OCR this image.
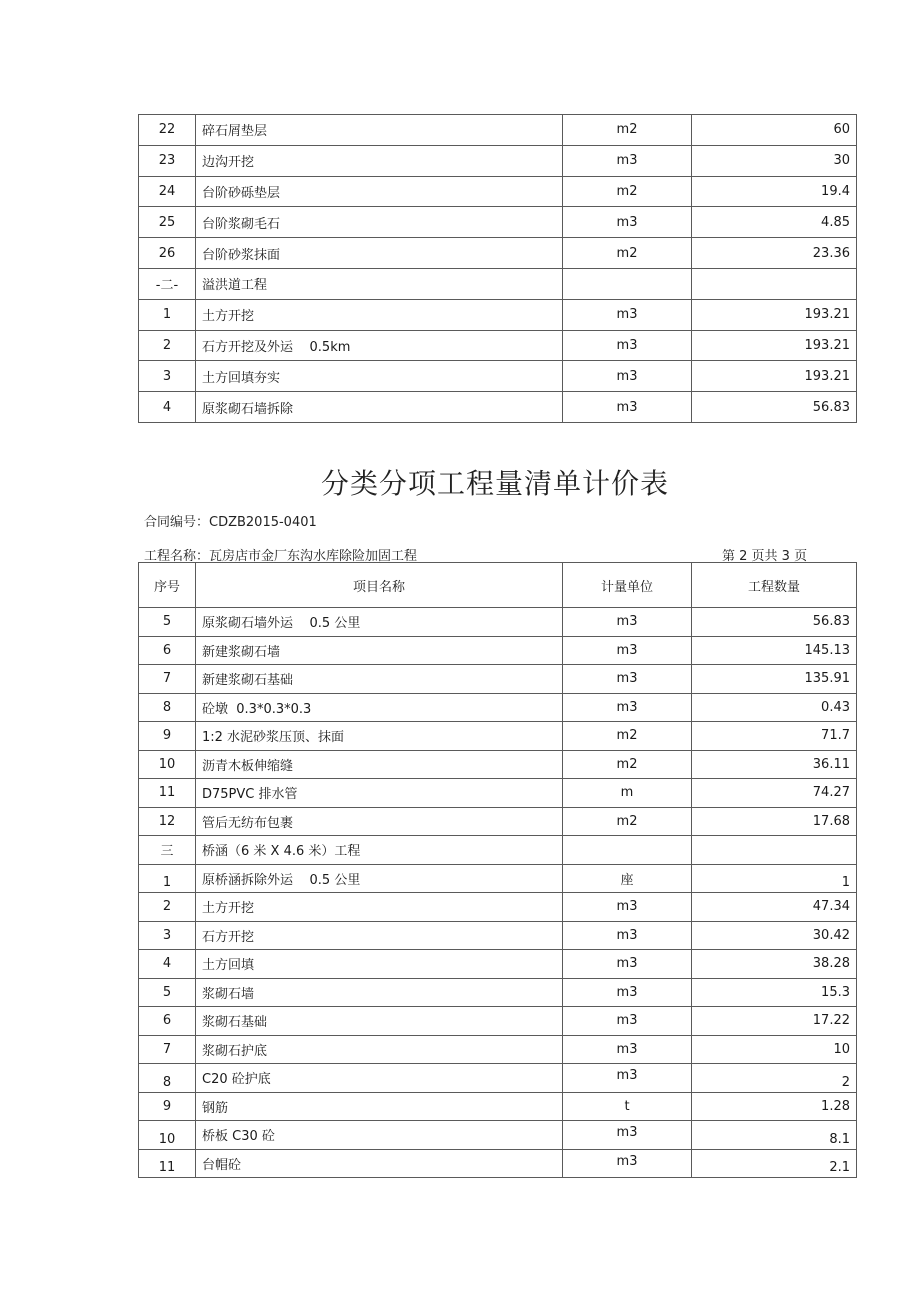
22	碎石屑垫层	m2	60
23	边沟开挖	m3	30
24	台阶砂砾垫层	m2	19.4
25	台阶浆砌毛石	m3	4.85
26	台阶砂浆抹面	m2	23.36
-二-	溢洪道工程		
1	土方开挖	m3	193.21
2	石方开挖及外运    0.5km	m3	193.21
3	土方回填夯实	m3	193.21
4	原浆砌石墙拆除	m3	56.83
分类分项工程量清单计价表
合同编号：CDZB2015-0401
工程名称：瓦房店市金厂东沟水库除险加固工程	第 2 页共 3 页
序号	项目名称	计量单位	工程数量
5	原浆砌石墙外运    0.5 公里	m3	56.83
6	新建浆砌石墙	m3	145.13
7	新建浆砌石基础	m3	135.91
8	砼墩  0.3*0.3*0.3	m3	0.43
9	1:2 水泥砂浆压顶、抹面	m2	71.7
10	沥青木板伸缩缝	m2	36.11
11	D75PVC 排水管	m	74.27
12	管后无纺布包裹	m2	17.68
三	桥涵（6 米 X 4.6 米）工程		
1	原桥涵拆除外运    0.5 公里	座	1
2	土方开挖	m3	47.34
3	石方开挖	m3	30.42
4	土方回填	m3	38.28
5	浆砌石墙	m3	15.3
6	浆砌石基础	m3	17.22
7	浆砌石护底	m3	10
8	C20 砼护底	m3	2
9	钢筋	t	1.28
10	桥板 C30 砼	m3	8.1
11	台帽砼	m3	2.1
